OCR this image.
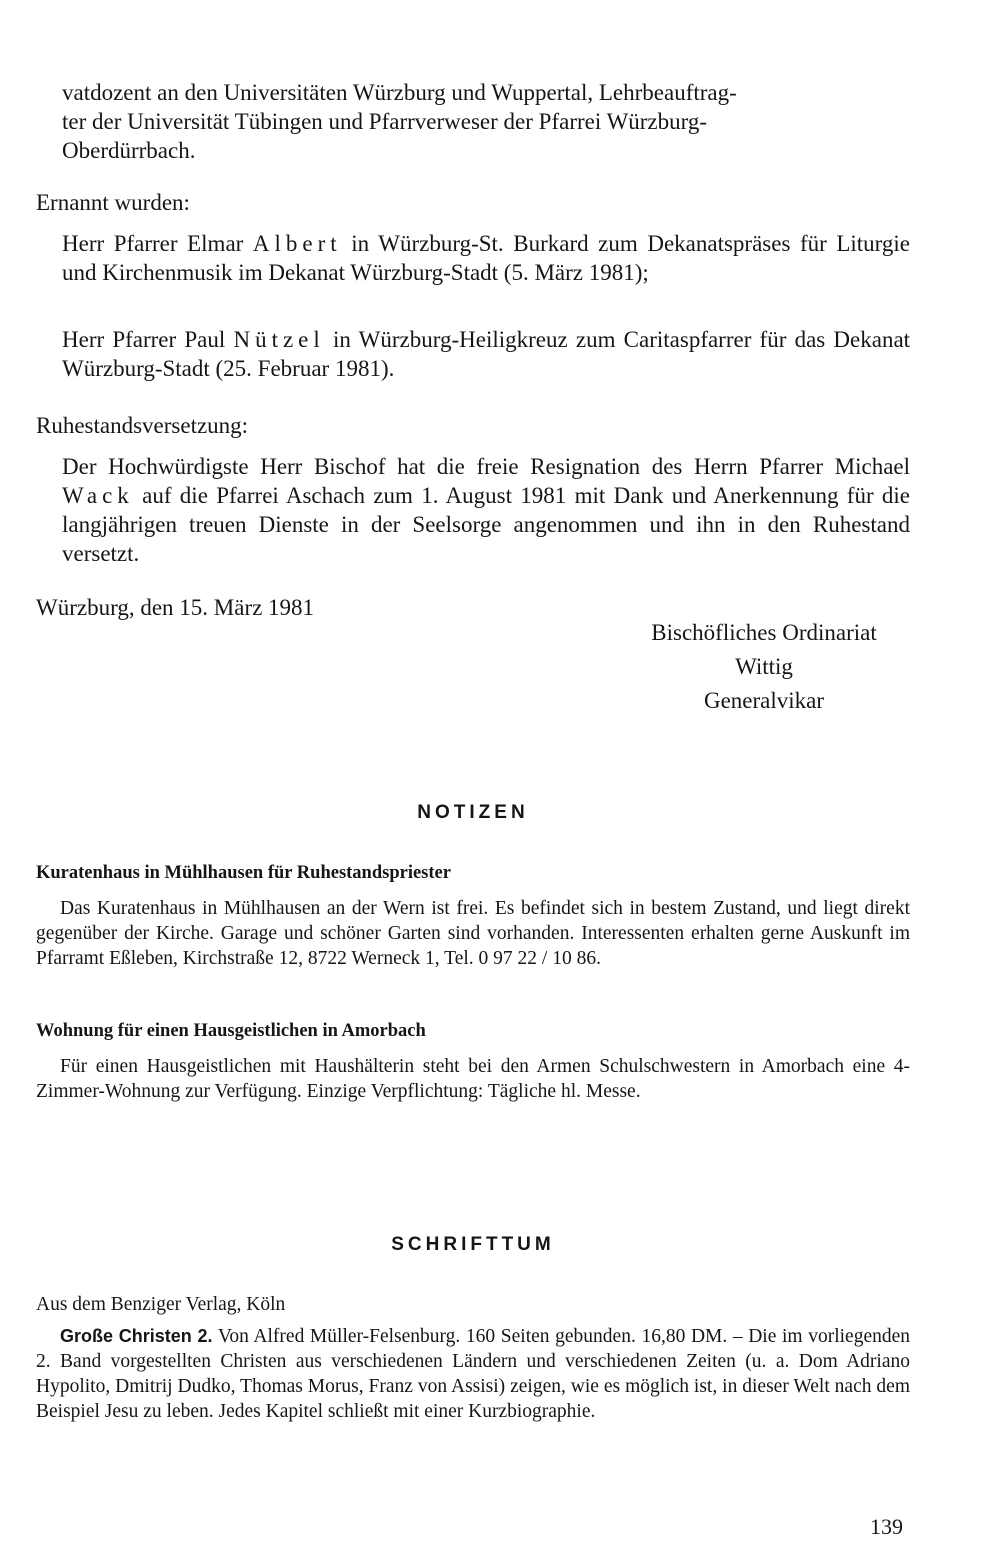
vatdozent an den Universitäten Würzburg und Wuppertal, Lehrbeauftrag-
ter der Universität Tübingen und Pfarrverweser der Pfarrei Würzburg-
Oberdürrbach.
Ernannt wurden:

Herr Pfarrer Elmar Albert in Würzburg-St. Burkard zum Dekanatspräses für Liturgie und Kirchenmusik im Dekanat Würzburg-Stadt (5. März 1981);

Herr Pfarrer Paul Nützel in Würzburg-Heiligkreuz zum Caritaspfarrer für das Dekanat Würzburg-Stadt (25. Februar 1981).

Ruhestandsversetzung:

Der Hochwürdigste Herr Bischof hat die freie Resignation des Herrn Pfarrer Michael Wack auf die Pfarrei Aschach zum 1. August 1981 mit Dank und Anerkennung für die langjährigen treuen Dienste in der Seelsorge angenommen und ihn in den Ruhestand versetzt.

Würzburg, den 15. März 1981
Bischöfliches Ordinariat
Wittig
Generalvikar
NOTIZEN
Kuratenhaus in Mühlhausen für Ruhestandspriester

Das Kuratenhaus in Mühlhausen an der Wern ist frei. Es befindet sich in bestem Zustand, und liegt direkt gegenüber der Kirche. Garage und schöner Garten sind vorhanden. Interessenten erhalten gerne Auskunft im Pfarramt Eßleben, Kirchstraße 12, 8722 Werneck 1, Tel. 0 97 22 / 10 86.

Wohnung für einen Hausgeistlichen in Amorbach

Für einen Hausgeistlichen mit Haushälterin steht bei den Armen Schulschwestern in Amorbach eine 4-Zimmer-Wohnung zur Verfügung. Einzige Verpflichtung: Tägliche hl. Messe.

SCHRIFTTUM
Aus dem Benziger Verlag, Köln

Große Christen 2. Von Alfred Müller-Felsenburg. 160 Seiten gebunden. 16,80 DM. – Die im vorliegenden 2. Band vorgestellten Christen aus verschiedenen Ländern und verschiedenen Zeiten (u. a. Dom Adriano Hypolito, Dmitrij Dudko, Thomas Morus, Franz von Assisi) zeigen, wie es möglich ist, in dieser Welt nach dem Beispiel Jesu zu leben. Jedes Kapitel schließt mit einer Kurzbiographie.

139
